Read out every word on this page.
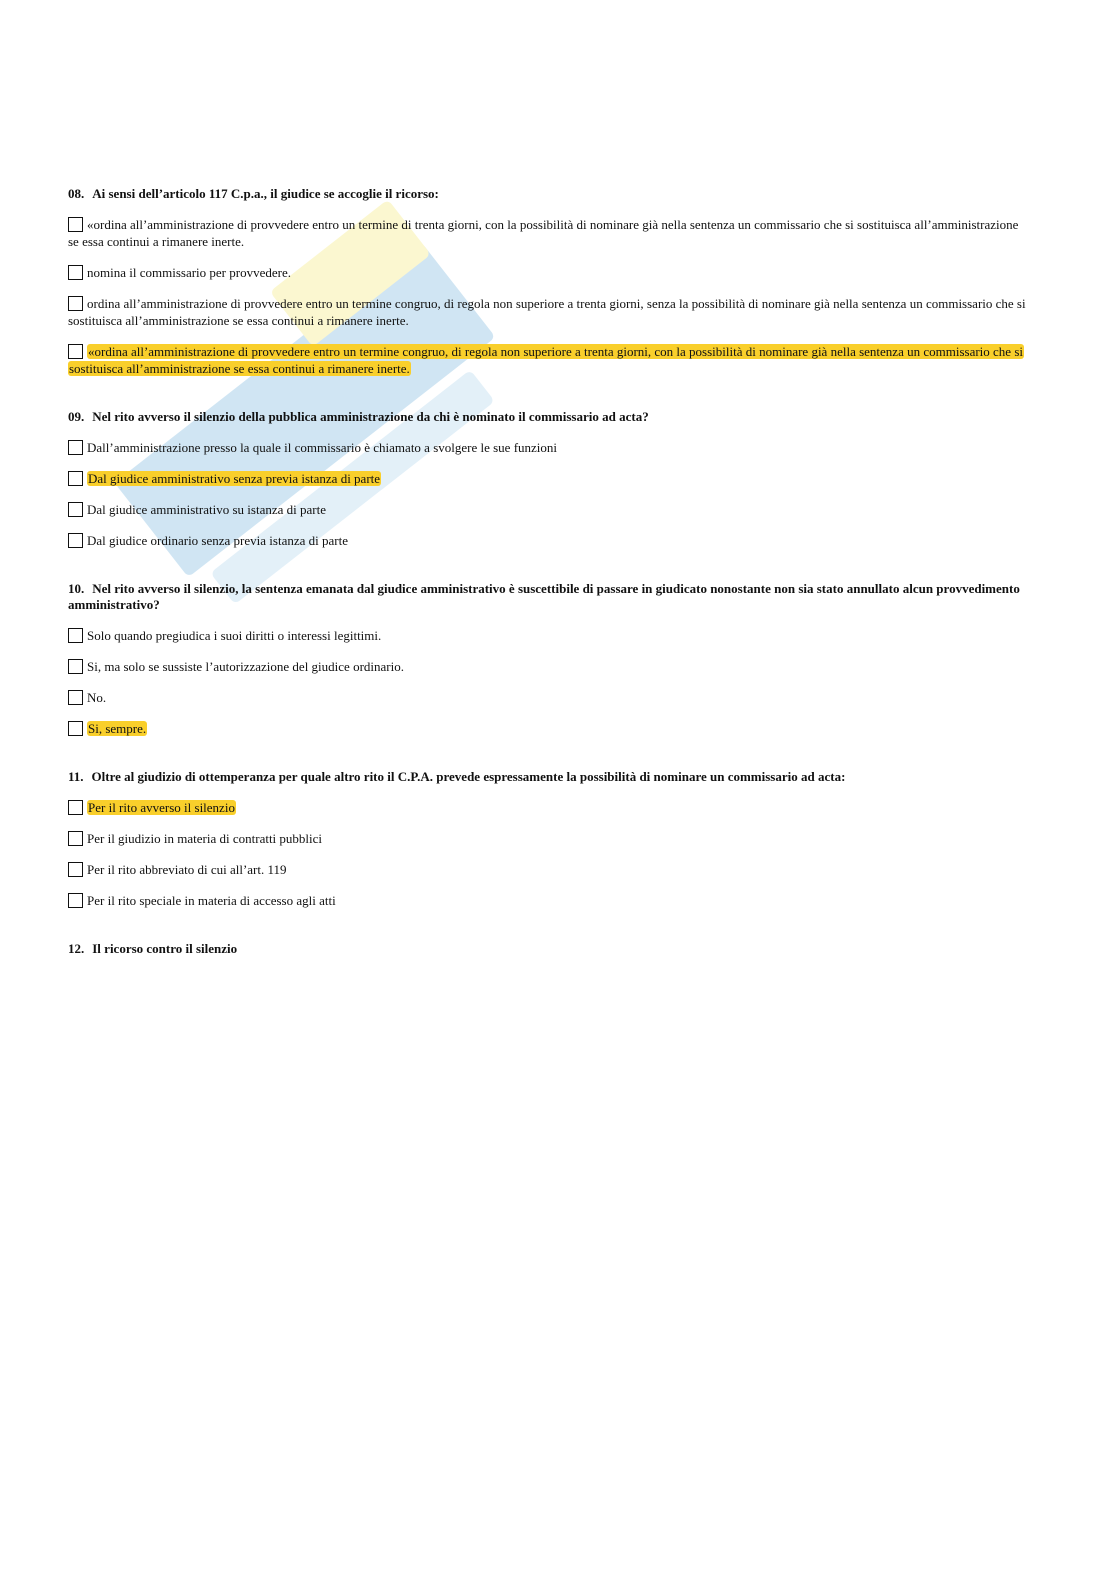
08. Ai sensi dell’articolo 117 C.p.a., il giudice se accoglie il ricorso:
«ordina all’amministrazione di provvedere entro un termine di trenta giorni, con la possibilità di nominare già nella sentenza un commissario che si sostituisca all’amministrazione se essa continui a rimanere inerte.
nomina il commissario per provvedere.
ordina all’amministrazione di provvedere entro un termine congruo, di regola non superiore a trenta giorni, senza la possibilità di nominare già nella sentenza un commissario che si sostituisca all’amministrazione se essa continui a rimanere inerte.
«ordina all’amministrazione di provvedere entro un termine congruo, di regola non superiore a trenta giorni, con la possibilità di nominare già nella sentenza un commissario che si sostituisca all’amministrazione se essa continui a rimanere inerte.
09. Nel rito avverso il silenzio della pubblica amministrazione da chi è nominato il commissario ad acta?
Dall’amministrazione presso la quale il commissario è chiamato a svolgere le sue funzioni
Dal giudice amministrativo senza previa istanza di parte
Dal giudice amministrativo su istanza di parte
Dal giudice ordinario senza previa istanza di parte
10. Nel rito avverso il silenzio, la sentenza emanata dal giudice amministrativo è suscettibile di passare in giudicato nonostante non sia stato annullato alcun provvedimento amministrativo?
Solo quando pregiudica i suoi diritti o interessi legittimi.
Si, ma solo se sussiste l’autorizzazione del giudice ordinario.
No.
Si, sempre.
11. Oltre al giudizio di ottemperanza per quale altro rito il C.P.A. prevede espressamente la possibilità di nominare un commissario ad acta:
Per il rito avverso il silenzio
Per il giudizio in materia di contratti pubblici
Per il rito abbreviato di cui all’art. 119
Per il rito speciale in materia di accesso agli atti
12. Il ricorso contro il silenzio
